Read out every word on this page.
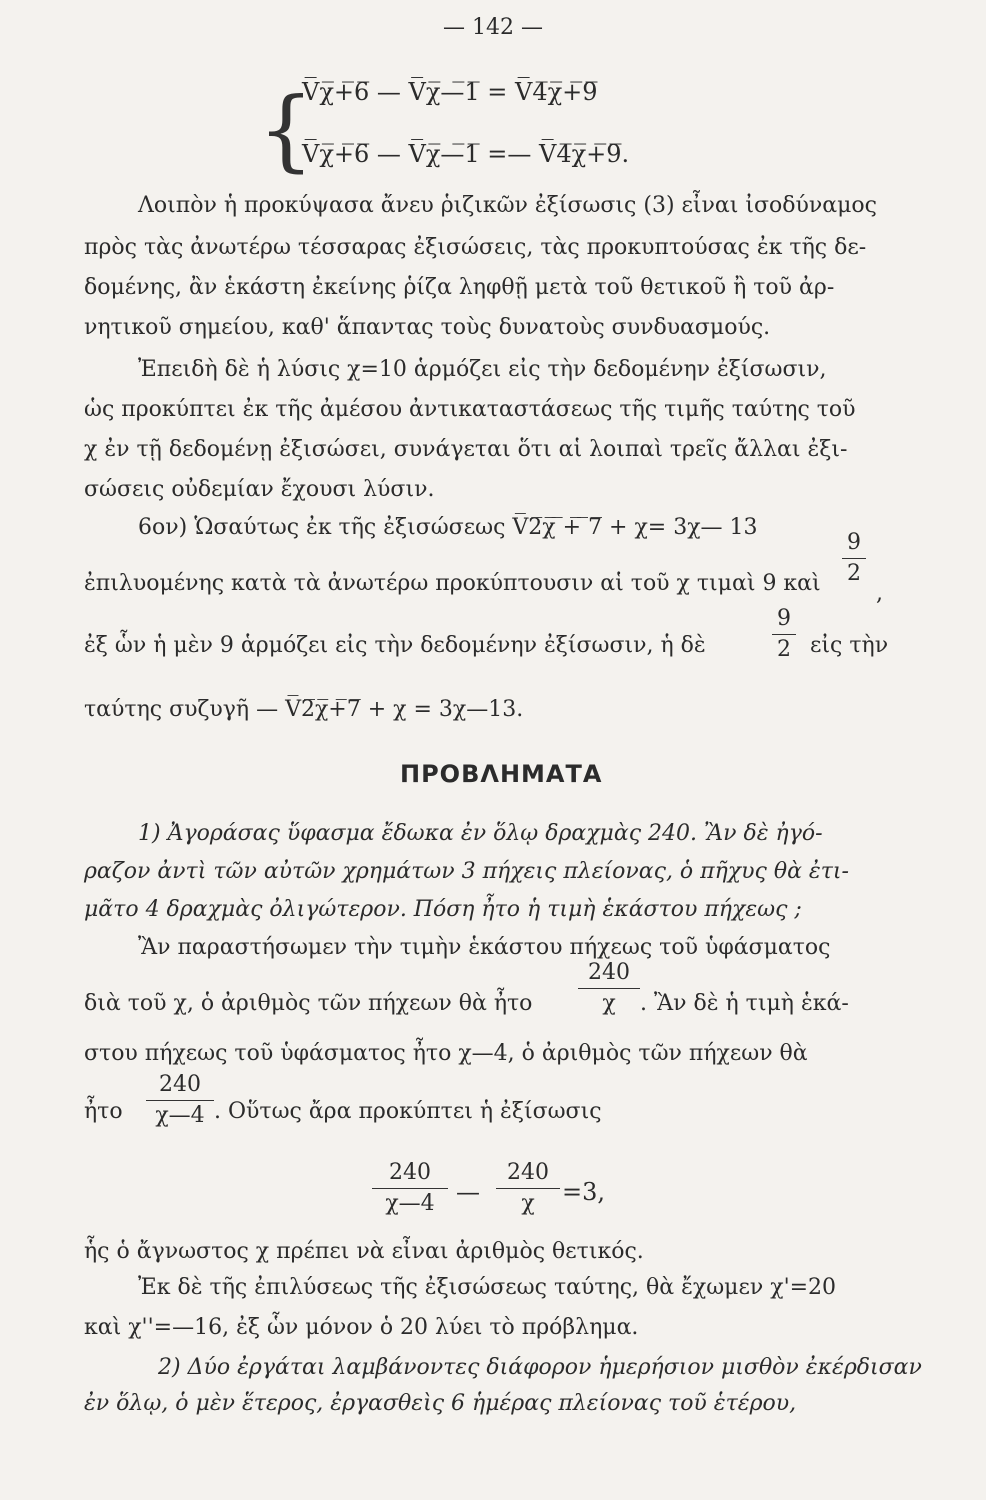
— 142 —
{
V̅χ̅+̅6̅ — V̅χ̅—̅1̅ = V̅4̅χ̅+̅9̅
V̅χ̅+̅6̅ — V̅χ̅—̅1̅ =— V̅4̅χ̅+̅9̅.
Λοιπὸν ἡ προκύψασα ἄνευ ῥιζικῶν ἐξίσωσις (3) εἶναι ἰσοδύναμος
πρὸς τὰς ἀνωτέρω τέσσαρας ἐξισώσεις, τὰς προκυπτούσας ἐκ τῆς δε-
δομένης, ἂν ἑκάστη ἐκείνης ῥίζα ληφθῇ μετὰ τοῦ θετικοῦ ἢ τοῦ ἀρ-
νητικοῦ σημείου, καθ' ἅπαντας τοὺς δυνατοὺς συνδυασμούς.
Ἐπειδὴ δὲ ἡ λύσις χ=10 ἁρμόζει εἰς τὴν δεδομένην ἐξίσωσιν,
ὡς προκύπτει ἐκ τῆς ἀμέσου ἀντικαταστάσεως τῆς τιμῆς ταύτης τοῦ
χ ἐν τῇ δεδομένῃ ἐξισώσει, συνάγεται ὅτι αἱ λοιπαὶ τρεῖς ἄλλαι ἐξι-
σώσεις οὐδεμίαν ἔχουσι λύσιν.
6ον) Ὡσαύτως ἐκ τῆς ἐξισώσεως V̅2̅χ̅ ̅+̅ ̅7̅ + χ= 3χ— 13
ἐπιλυομένης κατὰ τὰ ἀνωτέρω προκύπτουσιν αἱ τοῦ χ τιμαὶ 9 καὶ
9
2
,
ἐξ ὧν ἡ μὲν 9 ἁρμόζει εἰς τὴν δεδομένην ἐξίσωσιν, ἡ δὲ
9
2 εἰς τὴν
ταύτης συζυγῆ — V̅2̅χ̅+̅7̅ + χ = 3χ—13.
ΠΡΟΒΛΗΜΑΤΑ
1) Ἀγοράσας ὕφασμα ἔδωκα ἐν ὅλῳ δραχμὰς 240. Ἂν δὲ ἠγό-
ραζον ἀντὶ τῶν αὐτῶν χρημάτων 3 πήχεις πλείονας, ὁ πῆχυς θὰ ἐτι-
μᾶτο 4 δραχμὰς ὀλιγώτερον. Πόση ἦτο ἡ τιμὴ ἑκάστου πήχεως ;
Ἂν παραστήσωμεν τὴν τιμὴν ἑκάστου πήχεως τοῦ ὑφάσματος
διὰ τοῦ χ, ὁ ἀριθμὸς τῶν πήχεων θὰ ἦτο
240
χ	. Ἂν δὲ ἡ τιμὴ ἑκά-
στου πήχεως τοῦ ὑφάσματος ἦτο χ—4, ὁ ἀριθμὸς τῶν πήχεων θὰ
ἦτο
240
χ—4 . Οὕτως ἄρα προκύπτει ἡ ἐξίσωσις
240
χ—4 —
240
χ	=3,
ἧς ὁ ἄγνωστος χ πρέπει νὰ εἶναι ἀριθμὸς θετικός.
Ἐκ δὲ τῆς ἐπιλύσεως τῆς ἐξισώσεως ταύτης, θὰ ἔχωμεν χ'=20
καὶ χ''=—16, ἐξ ὧν μόνον ὁ 20 λύει τὸ πρόβλημα.
2) Δύο ἐργάται λαμβάνοντες διάφορον ἡμερήσιον μισθὸν ἐκέρδισαν
ἐν ὅλῳ, ὁ μὲν ἕτερος, ἐργασθεὶς 6 ἡμέρας πλείονας τοῦ ἑτέρου,
